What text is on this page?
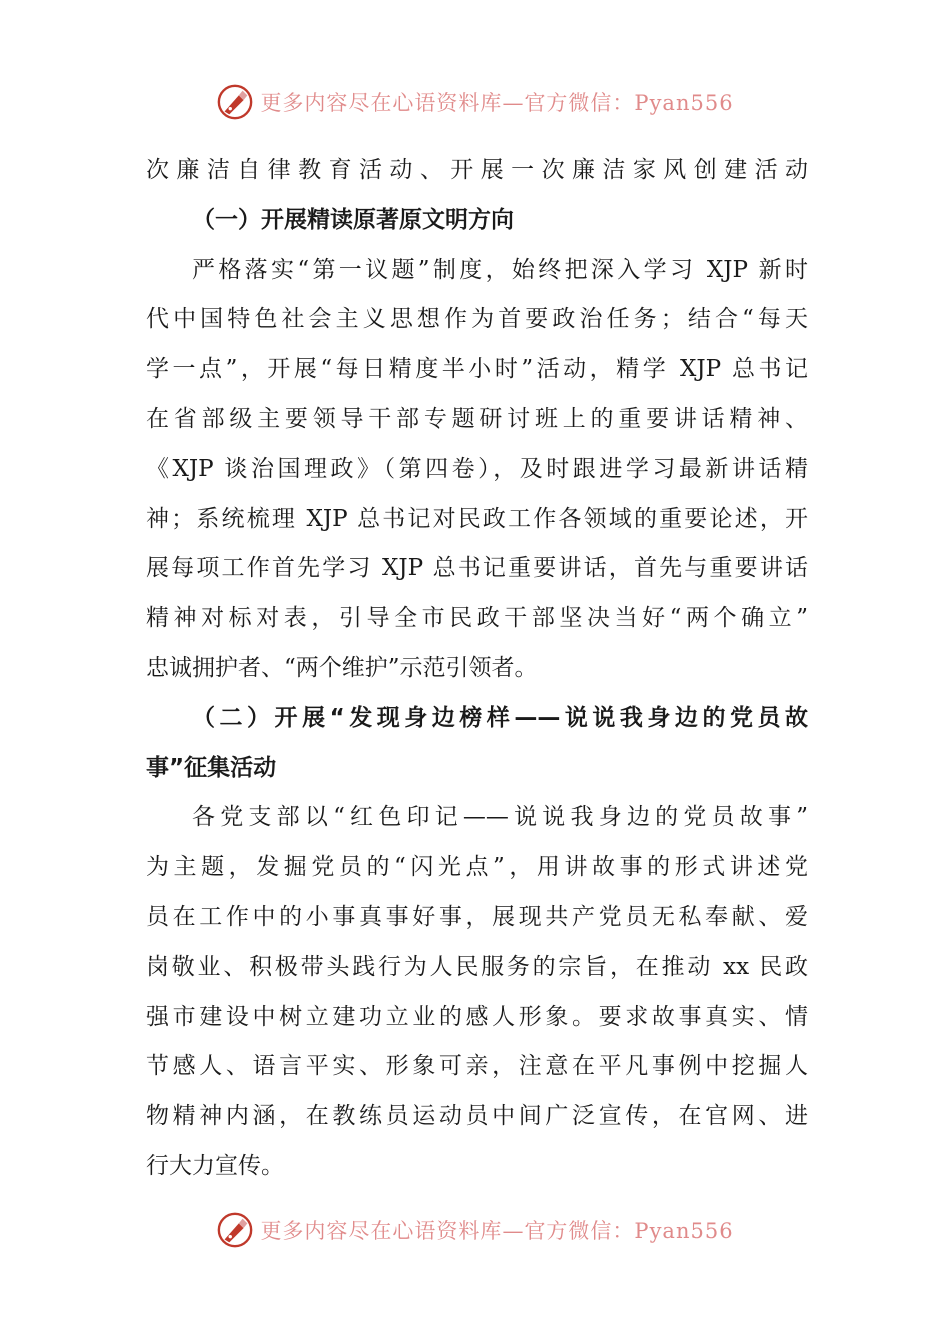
更多内容尽在心语资料库—官方微信：Pyan556
次廉洁自律教育活动、开展一次廉洁家风创建活动
（一）开展精读原著原文明方向
严格落实“第一议题”制度，始终把深入学习 XJP 新时
代中国特色社会主义思想作为首要政治任务；结合“每天
学一点”，开展“每日精度半小时”活动，精学 XJP 总书记
在省部级主要领导干部专题研讨班上的重要讲话精神、
《XJP 谈治国理政》（第四卷），及时跟进学习最新讲话精
神；系统梳理 XJP 总书记对民政工作各领域的重要论述，开
展每项工作首先学习 XJP 总书记重要讲话，首先与重要讲话
精神对标对表，引导全市民政干部坚决当好“两个确立”
忠诚拥护者、“两个维护”示范引领者。
（二）开展“发现身边榜样——说说我身边的党员故
事”征集活动
各党支部以“红色印记——说说我身边的党员故事”
为主题，发掘党员的“闪光点”，用讲故事的形式讲述党
员在工作中的小事真事好事，展现共产党员无私奉献、爱
岗敬业、积极带头践行为人民服务的宗旨，在推动 xx 民政
强市建设中树立建功立业的感人形象。要求故事真实、情
节感人、语言平实、形象可亲，注意在平凡事例中挖掘人
物精神内涵，在教练员运动员中间广泛宣传，在官网、进
行大力宣传。
更多内容尽在心语资料库—官方微信：Pyan556
